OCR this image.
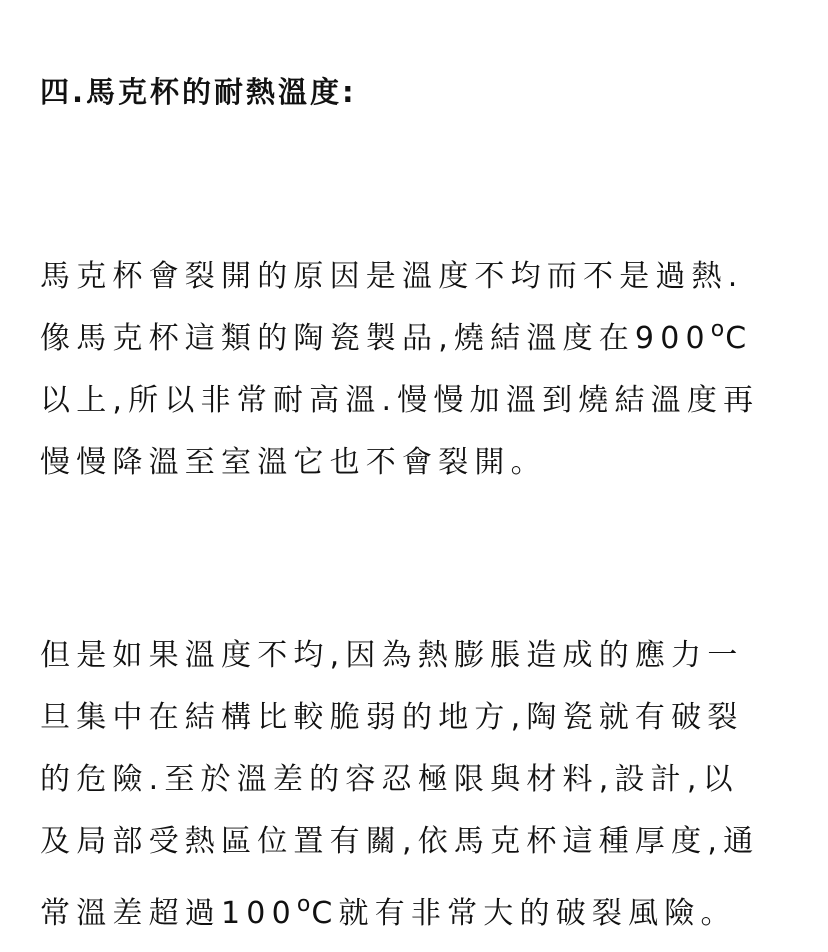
四.馬克杯的耐熱溫度:
馬克杯會裂開的原因是溫度不均而不是過熱.
像馬克杯這類的陶瓷製品,燒結溫度在900$^o$C
以上,所以非常耐高溫.慢慢加溫到燒結溫度再
慢慢降溫至室溫它也不會裂開。
但是如果溫度不均,因為熱膨脹造成的應力一
旦集中在結構比較脆弱的地方,陶瓷就有破裂
的危險.至於溫差的容忍極限與材料,設計,以
及局部受熱區位置有關,依馬克杯這種厚度,通
常溫差超過100$^o$C就有非常大的破裂風險。
